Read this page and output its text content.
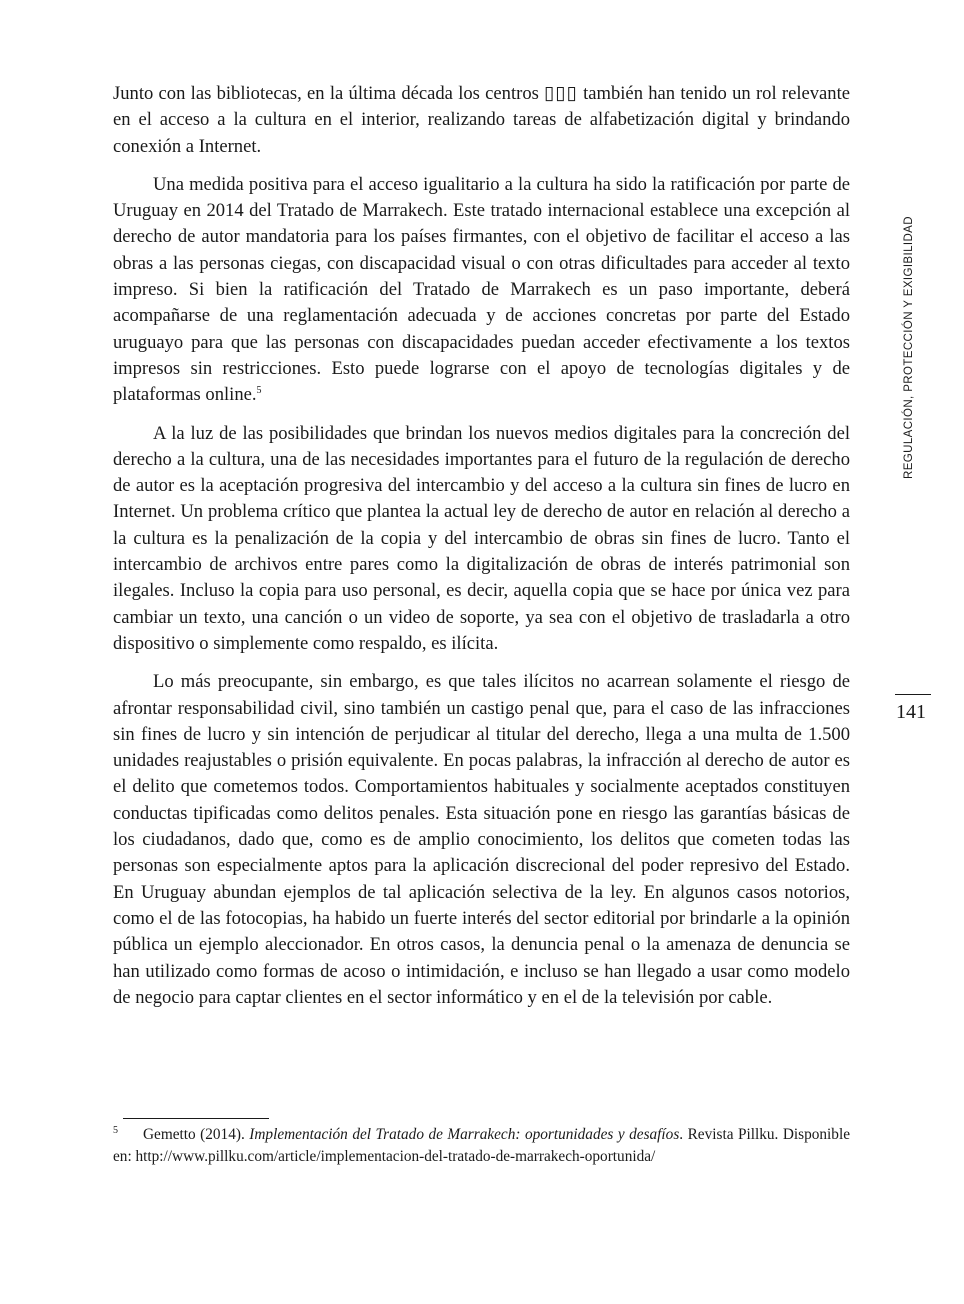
Junto con las bibliotecas, en la última década los centros ▯▯▯ también han tenido un rol relevante en el acceso a la cultura en el interior, realizando tareas de alfabetización digital y brindando conexión a Internet.

Una medida positiva para el acceso igualitario a la cultura ha sido la ratificación por parte de Uruguay en 2014 del Tratado de Marrakech. Este tratado internacional establece una excepción al derecho de autor mandatoria para los países firmantes, con el objetivo de facilitar el acceso a las obras a las personas ciegas, con discapacidad visual o con otras dificultades para acceder al texto impreso. Si bien la ratificación del Tratado de Marrakech es un paso importante, deberá acompañarse de una reglamentación adecuada y de acciones concretas por parte del Estado uruguayo para que las personas con discapacidades puedan acceder efectivamente a los textos impresos sin restricciones. Esto puede lograrse con el apoyo de tecnologías digitales y de plataformas online.$^5$

A la luz de las posibilidades que brindan los nuevos medios digitales para la concreción del derecho a la cultura, una de las necesidades importantes para el futuro de la regulación de derecho de autor es la aceptación progresiva del intercambio y del acceso a la cultura sin fines de lucro en Internet. Un problema crítico que plantea la actual ley de derecho de autor en relación al derecho a la cultura es la penalización de la copia y del intercambio de obras sin fines de lucro. Tanto el intercambio de archivos entre pares como la digitalización de obras de interés patrimonial son ilegales. Incluso la copia para uso personal, es decir, aquella copia que se hace por única vez para cambiar un texto, una canción o un video de soporte, ya sea con el objetivo de trasladarla a otro dispositivo o simplemente como respaldo, es ilícita.

Lo más preocupante, sin embargo, es que tales ilícitos no acarrean solamente el riesgo de afrontar responsabilidad civil, sino también un castigo penal que, para el caso de las infracciones sin fines de lucro y sin intención de perjudicar al titular del derecho, llega a una multa de 1.500 unidades reajustables o prisión equivalente. En pocas palabras, la infracción al derecho de autor es el delito que cometemos todos. Comportamientos habituales y socialmente aceptados constituyen conductas tipificadas como delitos penales. Esta situación pone en riesgo las garantías básicas de los ciudadanos, dado que, como es de amplio conocimiento, los delitos que cometen todas las personas son especialmente aptos para la aplicación discrecional del poder represivo del Estado. En Uruguay abundan ejemplos de tal aplicación selectiva de la ley. En algunos casos notorios, como el de las fotocopias, ha habido un fuerte interés del sector editorial por brindarle a la opinión pública un ejemplo aleccionador. En otros casos, la denuncia penal o la amenaza de denuncia se han utilizado como formas de acoso o intimidación, e incluso se han llegado a usar como modelo de negocio para captar clientes en el sector informático y en el de la televisión por cable.

REGULACIÓN, PROTECCIÓN Y EXIGIBILIDAD
141
5 Gemetto (2014). Implementación del Tratado de Marrakech: oportunidades y desafíos. Revista Pillku. Disponible en: http://www.pillku.com/article/implementacion-del-tratado-de-marrakech-oportunida/
